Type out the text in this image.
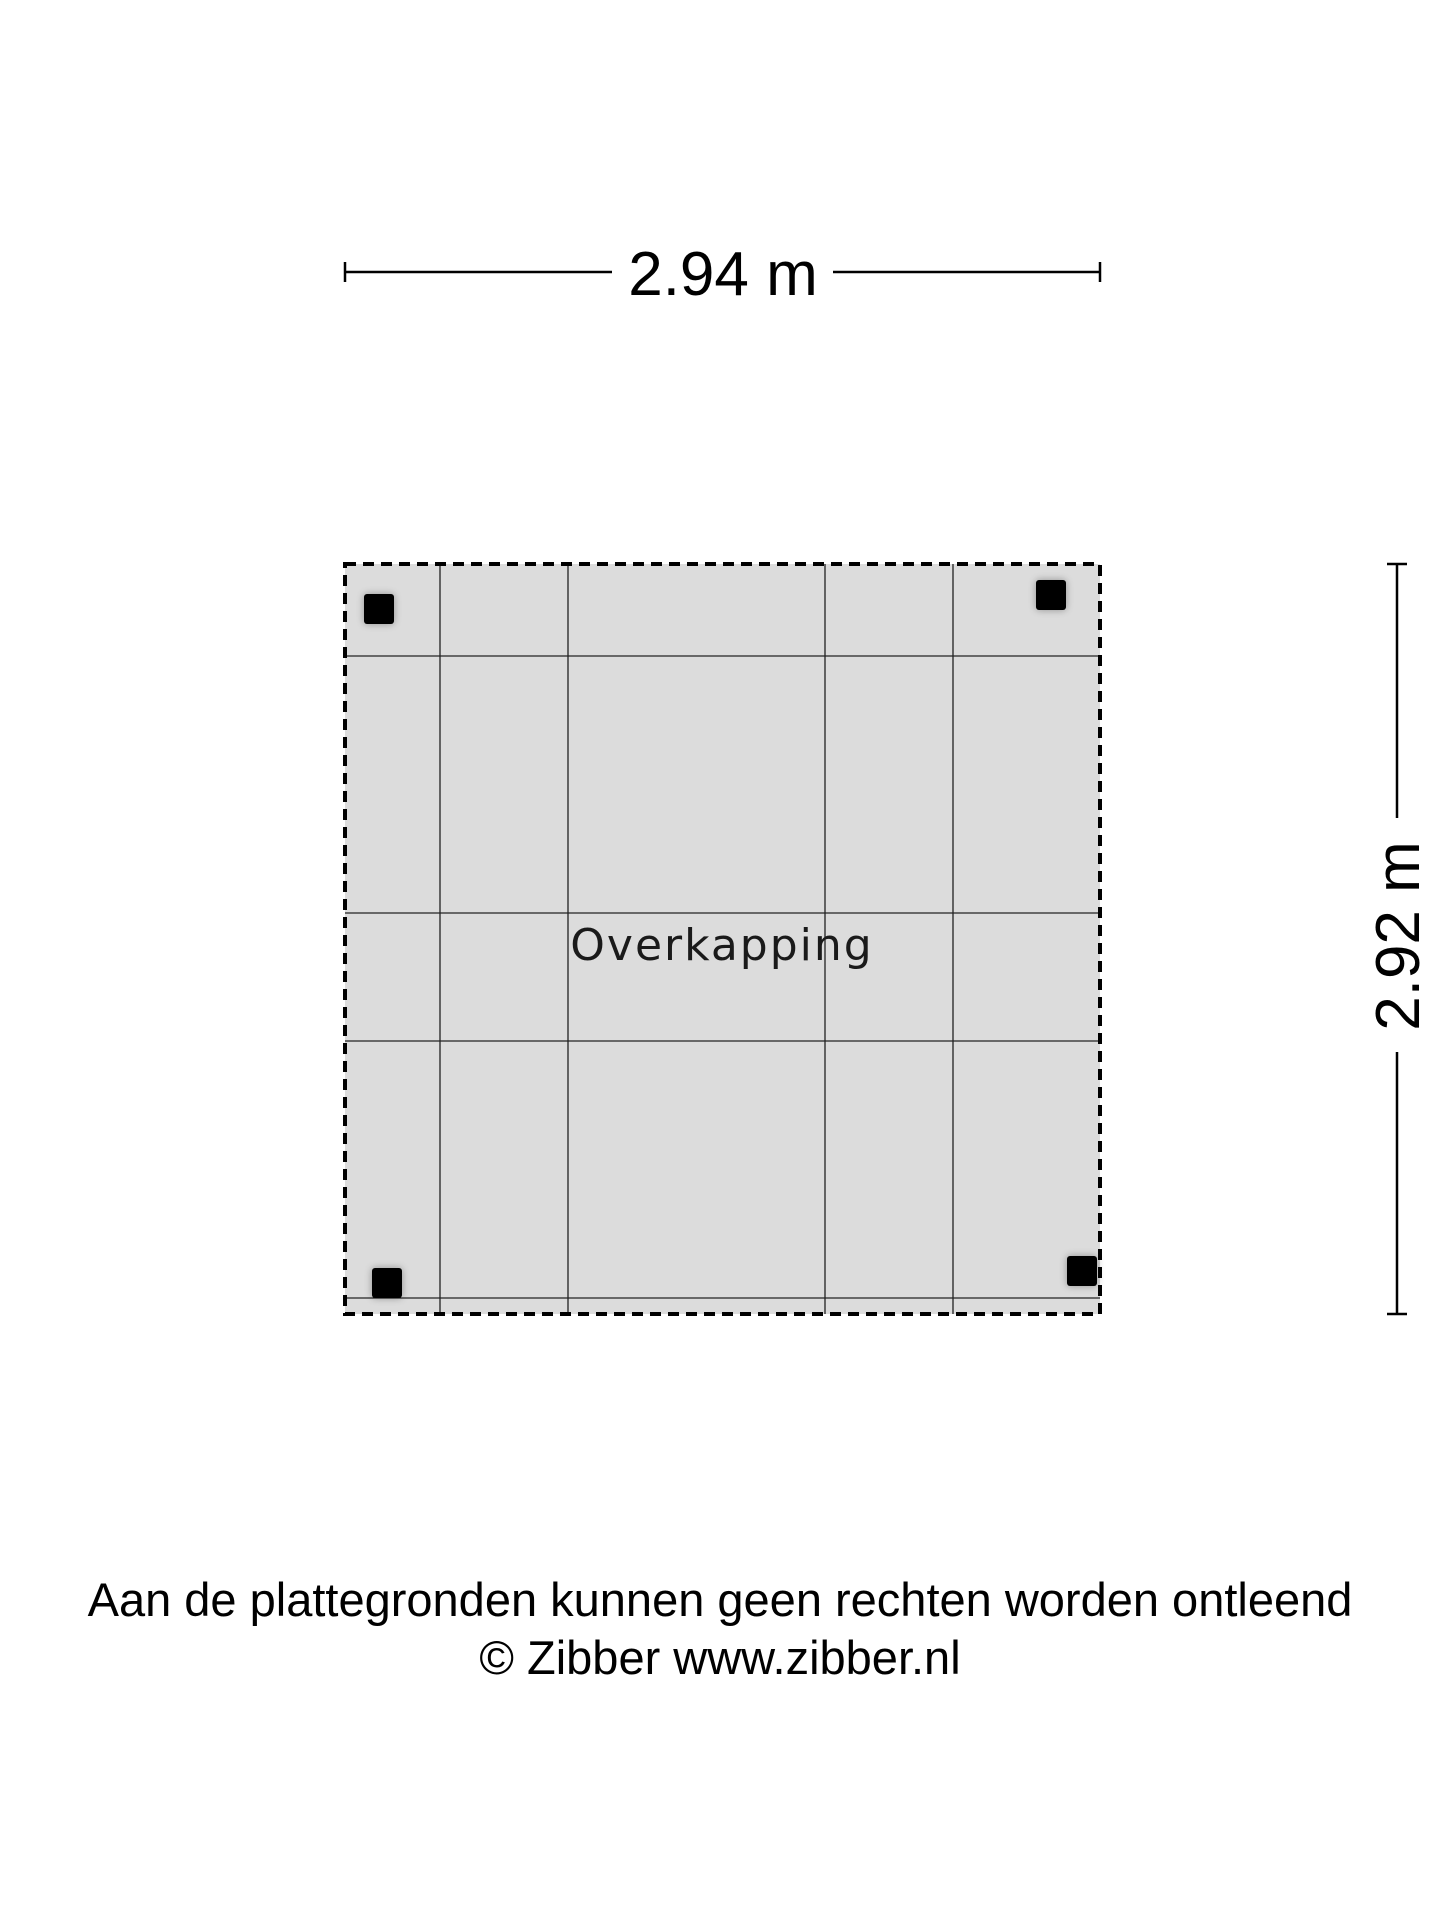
2.94 m
Overkapping	2.92 m
Aan de plattegronden kunnen geen rechten worden ontleend
© Zibber www.zibber.nl
